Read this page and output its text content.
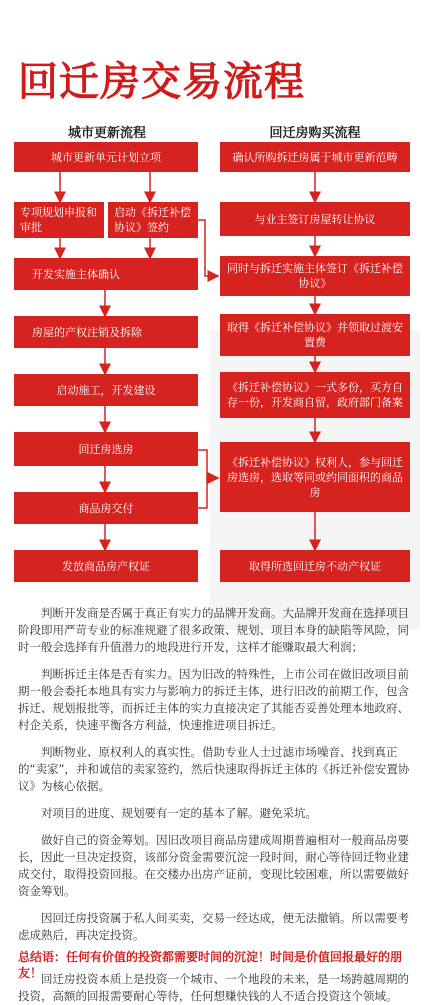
回迁房交易流程
城市更新流程	回迁房购买流程
城市更新单元计划立项
专项规划申报和审批
启动《拆迁补偿协议》签约
开发实施主体确认
房屋的产权注销及拆除
启动施工，开发建设
回迁房选房
商品房交付
发放商品房产权证
确认所购拆迁房属于城市更新范畴
与业主签订房屋转让协议
同时与拆迁实施主体签订《拆迁补偿协议》
取得《拆迁补偿协议》并领取过渡安置费
《拆迁补偿协议》一式多份，买方自存一份，开发商自留，政府部门备案
《拆迁补偿协议》权利人，参与回迁房选房，选取等同或约同面积的商品房
取得所选回迁房不动产权证

判断开发商是否属于真正有实力的品牌开发商。大品牌开发商在选择项目阶段即用严苛专业的标准规避了很多政策、规划、项目本身的缺陷等风险，同时一般会选择有升值潜力的地段进行开发，这样才能赚取最大利润；

判断拆迁主体是否有实力。因为旧改的特殊性，上市公司在做旧改项目前期一般会委托本地具有实力与影响力的拆迁主体，进行旧改的前期工作，包含拆迁、规划报批等，而拆迁主体的实力直接决定了其能否妥善处理本地政府、村企关系，快速平衡各方利益，快速推进项目拆迁。

判断物业、原权利人的真实性。借助专业人士过滤市场噪音、找到真正的“卖家”，并和诚信的卖家签约，然后快速取得拆迁主体的《拆迁补偿安置协议》为核心依据。

对项目的进度、规划要有一定的基本了解。避免采坑。

做好自己的资金筹划。因旧改项目商品房建成周期普遍相对一般商品房要长，因此一旦决定投资，该部分资金需要沉淀一段时间，耐心等待回迁物业建成交付，取得投资回报。在交楼办出房产证前，变现比较困难，所以需要做好资金筹划。

因回迁房投资属于私人间买卖，交易一经达成，便无法撤销。所以需要考虑成熟后，再决定投资。

总结语：任何有价值的投资都需要时间的沉淀！时间是价值回报最好的朋友！
回迁房投资本质上是投资一个城市、一个地段的未来，是一场跨越周期的投资，高额的回报需要耐心等待，任何想赚快钱的人不适合投资这个领域。
